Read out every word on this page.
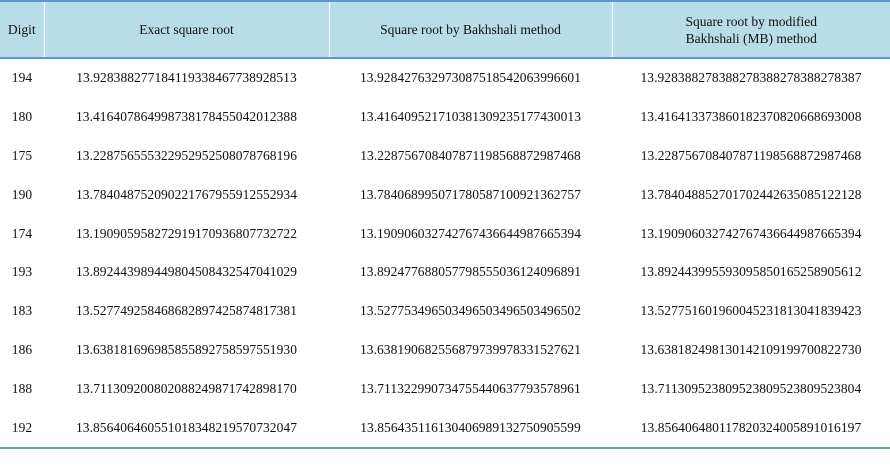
Digit	Exact square root	Square root by Bakhshali method	Square root by modified
Bakhshali (MB) method
194	13.928388277184119338467738928513	13.928427632973087518542063996601	13.928388278388278388278388278387
180	13.416407864998738178455042012388	13.416409521710381309235177430013	13.416413373860182370820668693008
175	13.228756555322952952508078768196	13.228756708407871198568872987468	13.228756708407871198568872987468
190	13.784048752090221767955912552934	13.784068995071780587100921362757	13.784048852701702442635085122128
174	13.190905958272919170936807732722	13.190906032742767436644987665394	13.190906032742767436644987665394
193	13.892443989449804508432547041029	13.892477688057798555036124096891	13.892443995593095850165258905612
183	13.527749258468682897425874817381	13.527753496503496503496503496502	13.527751601960045231813041839423
186	13.638181696985855892758597551930	13.638190682556879739978331527621	13.638182498130142109199700822730
188	13.711309200802088249871742898170	13.711322990734755440637793578961	13.711309523809523809523809523804
192	13.856406460551018348219570732047	13.856435116130406989132750905599	13.856406480117820324005891016197
